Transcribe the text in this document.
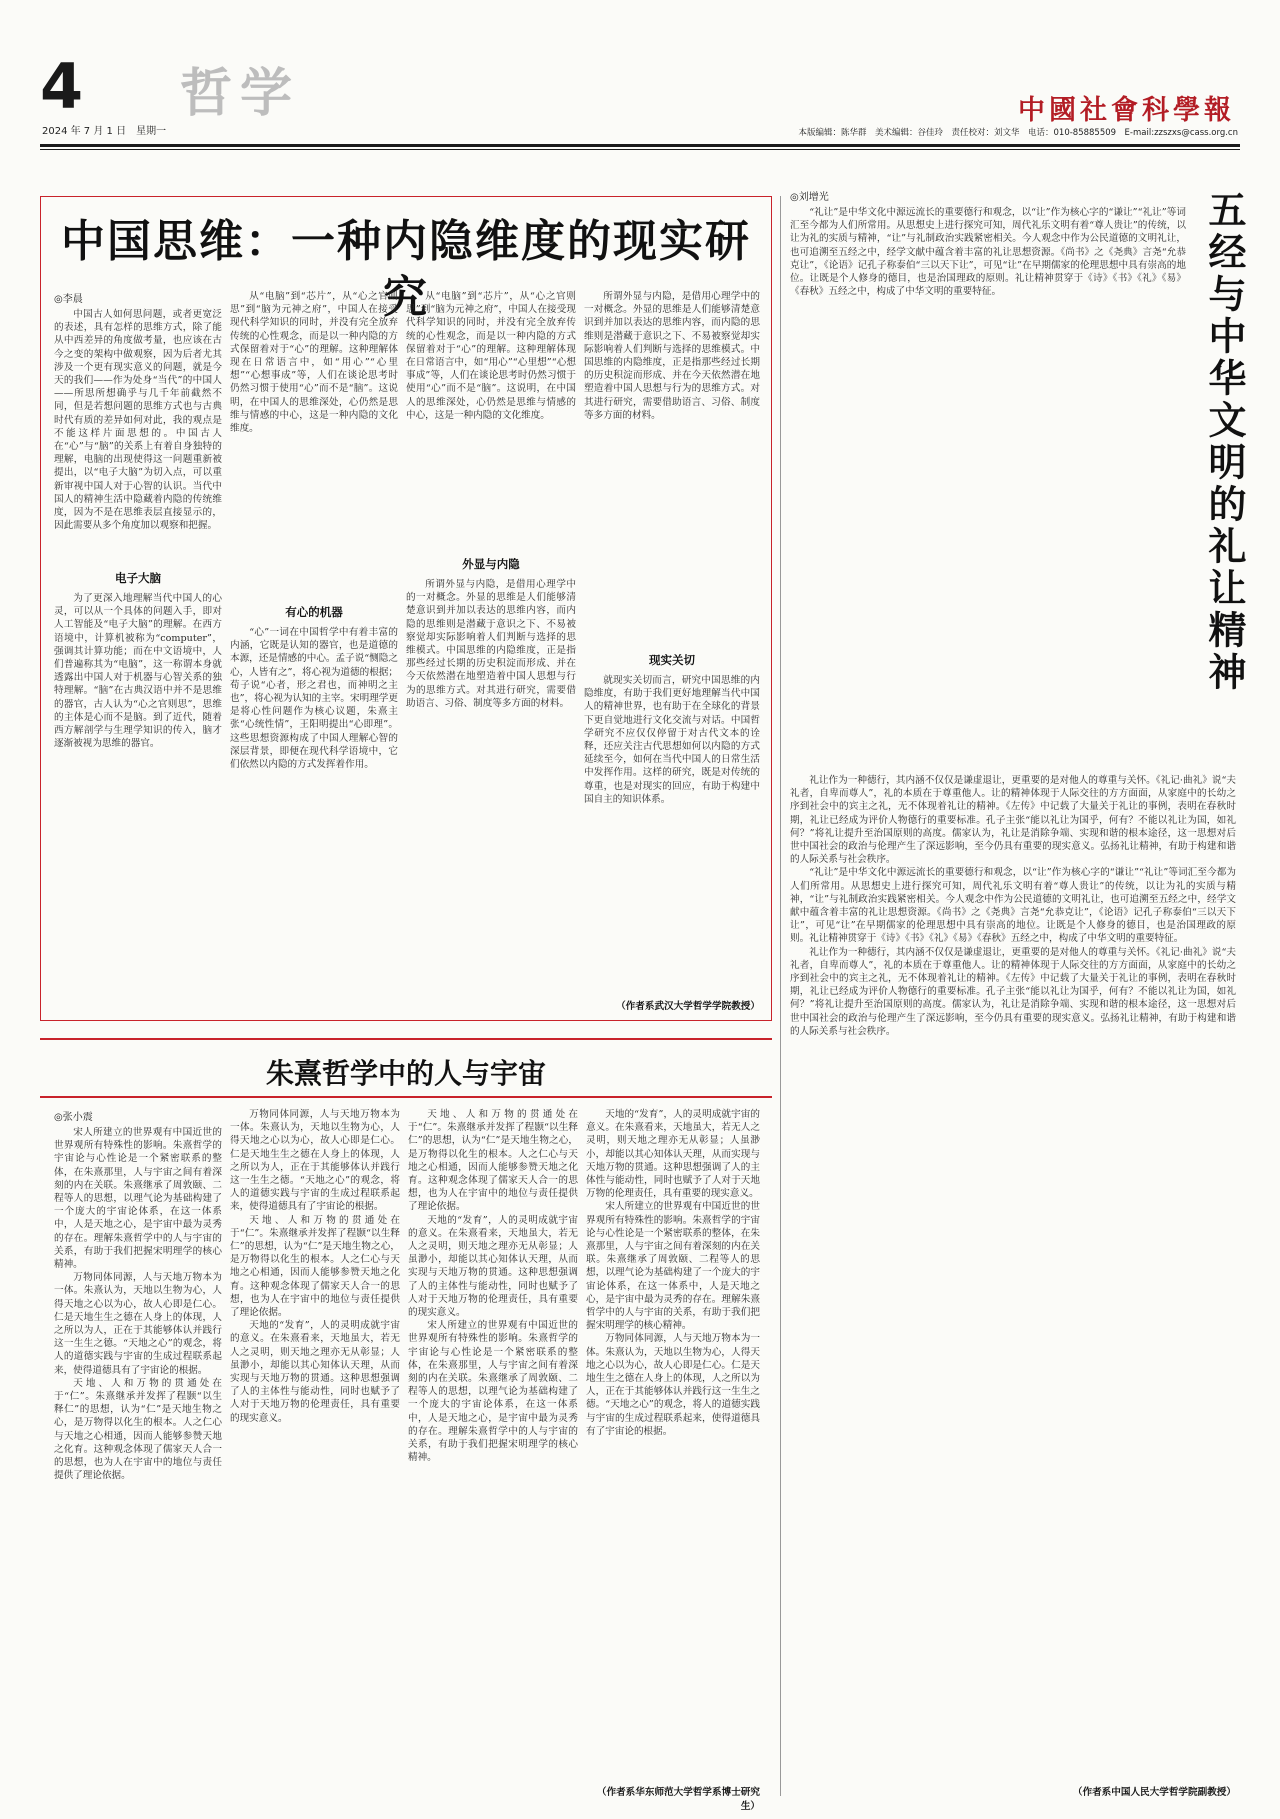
4
2024 年 7 月 1 日　星期一
哲学	中國社會科學報
本版编辑：陈华群　美术编辑：谷佳玲　责任校对：刘文华　电话：010-85885509　E-mail:zzszxs@cass.org.cn
中国思维：一种内隐维度的现实研究
◎李晨

中国古人如何思问题，或者更宽泛的表述，具有怎样的思维方式，除了能从中西差异的角度做考量，也应该在古今之变的架构中做观察，因为后者尤其涉及一个更有现实意义的问题，就是今天的我们——作为处身“当代”的中国人——所思所想确乎与几千年前截然不同，但是若想问题的思维方式也与古典时代有质的差异如何对此，我的观点是不能这样片面思想的。中国古人在“心”与“脑”的关系上有着自身独特的理解，电脑的出现使得这一问题重新被提出，以“电子大脑”为切入点，可以重新审视中国人对于心智的认识。当代中国人的精神生活中隐藏着内隐的传统维度，因为不是在思维表层直接显示的，因此需要从多个角度加以观察和把握。

电子大脑

为了更深入地理解当代中国人的心灵，可以从一个具体的问题入手，即对人工智能及“电子大脑”的理解。在西方语境中，计算机被称为“computer”，强调其计算功能；而在中文语境中，人们普遍称其为“电脑”，这一称谓本身就透露出中国人对于机器与心智关系的独特理解。“脑”在古典汉语中并不是思维的器官，古人认为“心之官则思”，思维的主体是心而不是脑。到了近代，随着西方解剖学与生理学知识的传入，脑才逐渐被视为思维的器官。

从“电脑”到“芯片”，从“心之官则思”到“脑为元神之府”，中国人在接受现代科学知识的同时，并没有完全放弃传统的心性观念，而是以一种内隐的方式保留着对于“心”的理解。这种理解体现在日常语言中，如“用心”“心里想”“心想事成”等，人们在谈论思考时仍然习惯于使用“心”而不是“脑”。这说明，在中国人的思维深处，心仍然是思维与情感的中心，这是一种内隐的文化维度。

有心的机器

“心”一词在中国哲学中有着丰富的内涵，它既是认知的器官，也是道德的本源，还是情感的中心。孟子说“恻隐之心，人皆有之”，将心视为道德的根据；荀子说“心者，形之君也，而神明之主也”，将心视为认知的主宰。宋明理学更是将心性问题作为核心议题，朱熹主张“心统性情”，王阳明提出“心即理”。这些思想资源构成了中国人理解心智的深层背景，即便在现代科学语境中，它们依然以内隐的方式发挥着作用。

从“电脑”到“芯片”，从“心之官则思”到“脑为元神之府”，中国人在接受现代科学知识的同时，并没有完全放弃传统的心性观念，而是以一种内隐的方式保留着对于“心”的理解。这种理解体现在日常语言中，如“用心”“心里想”“心想事成”等，人们在谈论思考时仍然习惯于使用“心”而不是“脑”。这说明，在中国人的思维深处，心仍然是思维与情感的中心，这是一种内隐的文化维度。

外显与内隐

所谓外显与内隐，是借用心理学中的一对概念。外显的思维是人们能够清楚意识到并加以表达的思维内容，而内隐的思维则是潜藏于意识之下、不易被察觉却实际影响着人们判断与选择的思维模式。中国思维的内隐维度，正是指那些经过长期的历史积淀而形成、并在今天依然潜在地塑造着中国人思想与行为的思维方式。对其进行研究，需要借助语言、习俗、制度等多方面的材料。

所谓外显与内隐，是借用心理学中的一对概念。外显的思维是人们能够清楚意识到并加以表达的思维内容，而内隐的思维则是潜藏于意识之下、不易被察觉却实际影响着人们判断与选择的思维模式。中国思维的内隐维度，正是指那些经过长期的历史积淀而形成、并在今天依然潜在地塑造着中国人思想与行为的思维方式。对其进行研究，需要借助语言、习俗、制度等多方面的材料。

现实关切

就现实关切而言，研究中国思维的内隐维度，有助于我们更好地理解当代中国人的精神世界，也有助于在全球化的背景下更自觉地进行文化交流与对话。中国哲学研究不应仅仅停留于对古代文本的诠释，还应关注古代思想如何以内隐的方式延续至今，如何在当代中国人的日常生活中发挥作用。这样的研究，既是对传统的尊重，也是对现实的回应，有助于构建中国自主的知识体系。

（作者系武汉大学哲学学院教授）
◎刘增光	五经与中华文明的礼让精神

“礼让”是中华文化中源远流长的重要德行和观念，以“让”作为核心字的“谦让”“礼让”等词汇至今都为人们所常用。从思想史上进行探究可知，周代礼乐文明有着“尊人贵让”的传统，以让为礼的实质与精神，“让”与礼制政治实践紧密相关。今人观念中作为公民道德的文明礼让，也可追溯至五经之中，经学文献中蕴含着丰富的礼让思想资源。《尚书》之《尧典》言尧“允恭克让”，《论语》记孔子称泰伯“三以天下让”，可见“让”在早期儒家的伦理思想中具有崇高的地位。让既是个人修身的德目，也是治国理政的原则。礼让精神贯穿于《诗》《书》《礼》《易》《春秋》五经之中，构成了中华文明的重要特征。

礼让作为一种德行，其内涵不仅仅是谦虚退让，更重要的是对他人的尊重与关怀。《礼记·曲礼》说“夫礼者，自卑而尊人”，礼的本质在于尊重他人。让的精神体现于人际交往的方方面面，从家庭中的长幼之序到社会中的宾主之礼，无不体现着礼让的精神。《左传》中记载了大量关于礼让的事例，表明在春秋时期，礼让已经成为评价人物德行的重要标准。孔子主张“能以礼让为国乎，何有？不能以礼让为国，如礼何？”将礼让提升至治国原则的高度。儒家认为，礼让是消除争端、实现和谐的根本途径，这一思想对后世中国社会的政治与伦理产生了深远影响，至今仍具有重要的现实意义。弘扬礼让精神，有助于构建和谐的人际关系与社会秩序。

“礼让”是中华文化中源远流长的重要德行和观念，以“让”作为核心字的“谦让”“礼让”等词汇至今都为人们所常用。从思想史上进行探究可知，周代礼乐文明有着“尊人贵让”的传统，以让为礼的实质与精神，“让”与礼制政治实践紧密相关。今人观念中作为公民道德的文明礼让，也可追溯至五经之中，经学文献中蕴含着丰富的礼让思想资源。《尚书》之《尧典》言尧“允恭克让”，《论语》记孔子称泰伯“三以天下让”，可见“让”在早期儒家的伦理思想中具有崇高的地位。让既是个人修身的德目，也是治国理政的原则。礼让精神贯穿于《诗》《书》《礼》《易》《春秋》五经之中，构成了中华文明的重要特征。

礼让作为一种德行，其内涵不仅仅是谦虚退让，更重要的是对他人的尊重与关怀。《礼记·曲礼》说“夫礼者，自卑而尊人”，礼的本质在于尊重他人。让的精神体现于人际交往的方方面面，从家庭中的长幼之序到社会中的宾主之礼，无不体现着礼让的精神。《左传》中记载了大量关于礼让的事例，表明在春秋时期，礼让已经成为评价人物德行的重要标准。孔子主张“能以礼让为国乎，何有？不能以礼让为国，如礼何？”将礼让提升至治国原则的高度。儒家认为，礼让是消除争端、实现和谐的根本途径，这一思想对后世中国社会的政治与伦理产生了深远影响，至今仍具有重要的现实意义。弘扬礼让精神，有助于构建和谐的人际关系与社会秩序。

（作者系中国人民大学哲学院副教授）
朱熹哲学中的人与宇宙
◎张小震

宋人所建立的世界观有中国近世的世界观所有特殊性的影响。朱熹哲学的宇宙论与心性论是一个紧密联系的整体，在朱熹那里，人与宇宙之间有着深刻的内在关联。朱熹继承了周敦颐、二程等人的思想，以理气论为基础构建了一个庞大的宇宙论体系，在这一体系中，人是天地之心，是宇宙中最为灵秀的存在。理解朱熹哲学中的人与宇宙的关系，有助于我们把握宋明理学的核心精神。

万物同体同源，人与天地万物本为一体。朱熹认为，天地以生物为心，人得天地之心以为心，故人心即是仁心。仁是天地生生之德在人身上的体现，人之所以为人，正在于其能够体认并践行这一生生之德。“天地之心”的观念，将人的道德实践与宇宙的生成过程联系起来，使得道德具有了宇宙论的根据。

天地、人和万物的贯通处在于“仁”。朱熹继承并发挥了程颢“以生释仁”的思想，认为“仁”是天地生物之心，是万物得以化生的根本。人之仁心与天地之心相通，因而人能够参赞天地之化育。这种观念体现了儒家天人合一的思想，也为人在宇宙中的地位与责任提供了理论依据。

万物同体同源，人与天地万物本为一体。朱熹认为，天地以生物为心，人得天地之心以为心，故人心即是仁心。仁是天地生生之德在人身上的体现，人之所以为人，正在于其能够体认并践行这一生生之德。“天地之心”的观念，将人的道德实践与宇宙的生成过程联系起来，使得道德具有了宇宙论的根据。

天地、人和万物的贯通处在于“仁”。朱熹继承并发挥了程颢“以生释仁”的思想，认为“仁”是天地生物之心，是万物得以化生的根本。人之仁心与天地之心相通，因而人能够参赞天地之化育。这种观念体现了儒家天人合一的思想，也为人在宇宙中的地位与责任提供了理论依据。

天地的“发育”，人的灵明成就宇宙的意义。在朱熹看来，天地虽大，若无人之灵明，则天地之理亦无从彰显；人虽渺小，却能以其心知体认天理，从而实现与天地万物的贯通。这种思想强调了人的主体性与能动性，同时也赋予了人对于天地万物的伦理责任，具有重要的现实意义。

天地、人和万物的贯通处在于“仁”。朱熹继承并发挥了程颢“以生释仁”的思想，认为“仁”是天地生物之心，是万物得以化生的根本。人之仁心与天地之心相通，因而人能够参赞天地之化育。这种观念体现了儒家天人合一的思想，也为人在宇宙中的地位与责任提供了理论依据。

天地的“发育”，人的灵明成就宇宙的意义。在朱熹看来，天地虽大，若无人之灵明，则天地之理亦无从彰显；人虽渺小，却能以其心知体认天理，从而实现与天地万物的贯通。这种思想强调了人的主体性与能动性，同时也赋予了人对于天地万物的伦理责任，具有重要的现实意义。

宋人所建立的世界观有中国近世的世界观所有特殊性的影响。朱熹哲学的宇宙论与心性论是一个紧密联系的整体，在朱熹那里，人与宇宙之间有着深刻的内在关联。朱熹继承了周敦颐、二程等人的思想，以理气论为基础构建了一个庞大的宇宙论体系，在这一体系中，人是天地之心，是宇宙中最为灵秀的存在。理解朱熹哲学中的人与宇宙的关系，有助于我们把握宋明理学的核心精神。

天地的“发育”，人的灵明成就宇宙的意义。在朱熹看来，天地虽大，若无人之灵明，则天地之理亦无从彰显；人虽渺小，却能以其心知体认天理，从而实现与天地万物的贯通。这种思想强调了人的主体性与能动性，同时也赋予了人对于天地万物的伦理责任，具有重要的现实意义。

宋人所建立的世界观有中国近世的世界观所有特殊性的影响。朱熹哲学的宇宙论与心性论是一个紧密联系的整体，在朱熹那里，人与宇宙之间有着深刻的内在关联。朱熹继承了周敦颐、二程等人的思想，以理气论为基础构建了一个庞大的宇宙论体系，在这一体系中，人是天地之心，是宇宙中最为灵秀的存在。理解朱熹哲学中的人与宇宙的关系，有助于我们把握宋明理学的核心精神。

万物同体同源，人与天地万物本为一体。朱熹认为，天地以生物为心，人得天地之心以为心，故人心即是仁心。仁是天地生生之德在人身上的体现，人之所以为人，正在于其能够体认并践行这一生生之德。“天地之心”的观念，将人的道德实践与宇宙的生成过程联系起来，使得道德具有了宇宙论的根据。

（作者系华东师范大学哲学系博士研究生）
